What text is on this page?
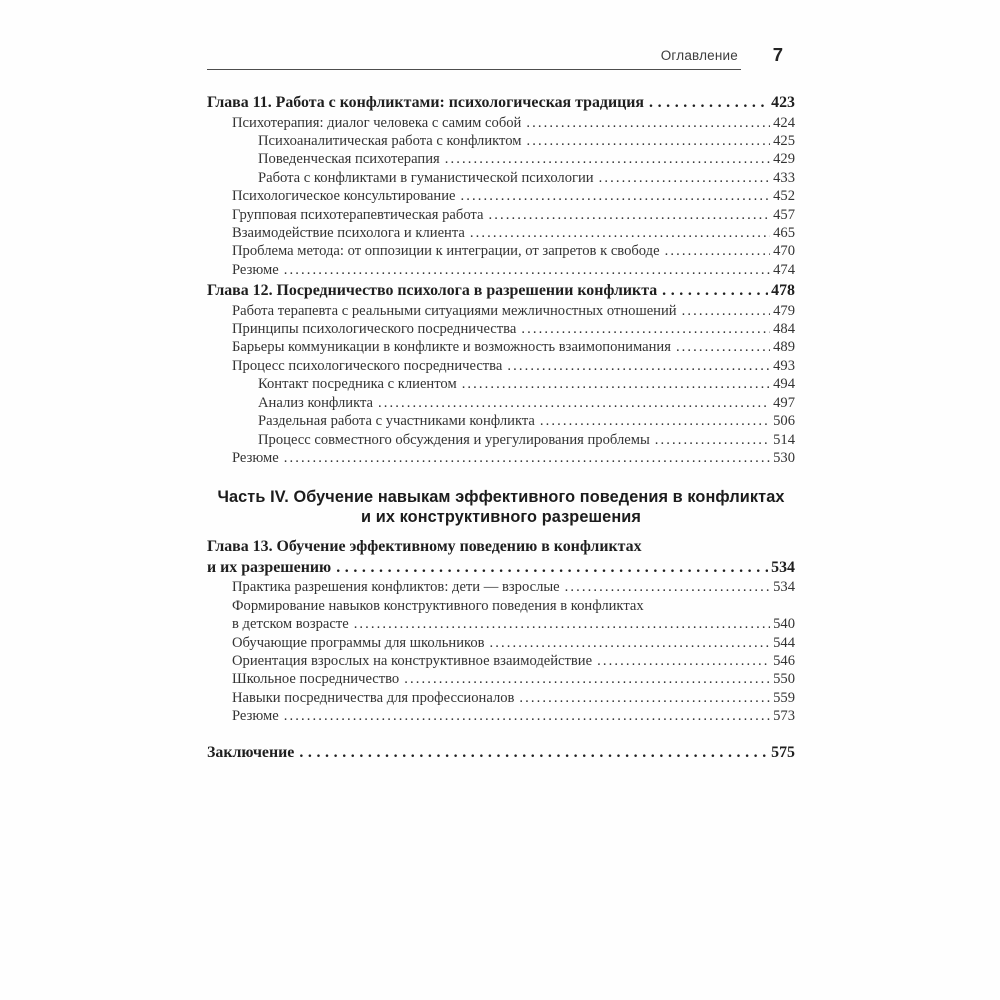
Оглавление 7
Глава 11. Работа с конфликтами: психологическая традиция .....	423
Психотерапия: диалог человека с самим собой .....	424
Психоаналитическая работа с конфликтом .....	425
Поведенческая психотерапия .....	429
Работа с конфликтами в гуманистической психологии .....	433
Психологическое консультирование .....	452
Групповая психотерапевтическая работа .....	457
Взаимодействие психолога и клиента .....	465
Проблема метода: от оппозиции к интеграции, от запретов к свободе .....	470
Резюме .....	474
Глава 12. Посредничество психолога в разрешении конфликта .....	478
Работа терапевта с реальными ситуациями межличностных отношений .....	479
Принципы психологического посредничества .....	484
Барьеры коммуникации в конфликте и возможность взаимопонимания .....	489
Процесс психологического посредничества .....	493
Контакт посредника с клиентом .....	494
Анализ конфликта .....	497
Раздельная работа с участниками конфликта .....	506
Процесс совместного обсуждения и урегулирования проблемы .....	514
Резюме .....	530
Часть IV. Обучение навыкам эффективного поведения в конфликтах
и их конструктивного разрешения
Глава 13. Обучение эффективному поведению в конфликтах
и их разрешению .....	534
Практика разрешения конфликтов: дети — взрослые .....	534
Формирование навыков конструктивного поведения в конфликтах
в детском возрасте .....	540
Обучающие программы для школьников .....	544
Ориентация взрослых на конструктивное взаимодействие .....	546
Школьное посредничество .....	550
Навыки посредничества для профессионалов .....	559
Резюме .....	573
Заключение .....	575
